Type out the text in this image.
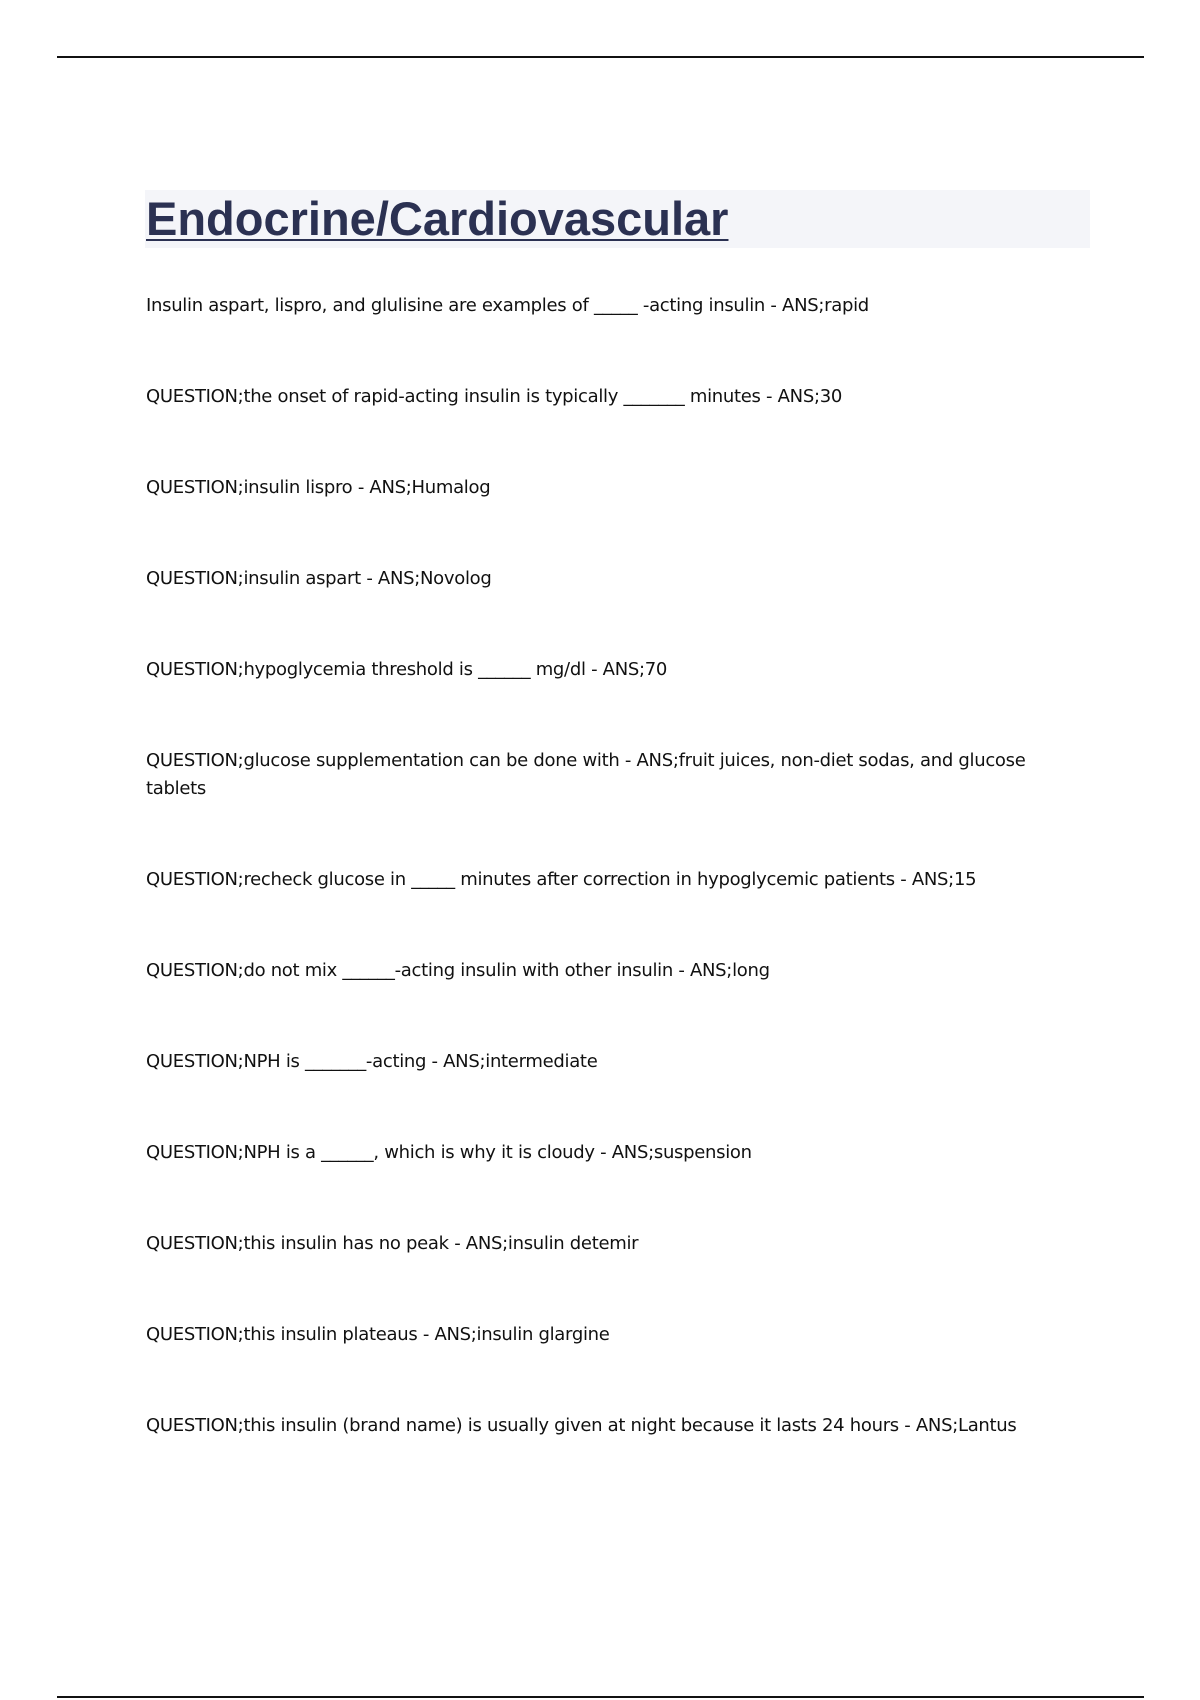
Endocrine/Cardiovascular
Insulin aspart, lispro, and glulisine are examples of _____ -acting insulin - ANS;rapid
QUESTION;the onset of rapid-acting insulin is typically _______ minutes - ANS;30
QUESTION;insulin lispro - ANS;Humalog
QUESTION;insulin aspart - ANS;Novolog
QUESTION;hypoglycemia threshold is ______ mg/dl - ANS;70
QUESTION;glucose supplementation can be done with - ANS;fruit juices, non-diet sodas, and glucose tablets
QUESTION;recheck glucose in _____ minutes after correction in hypoglycemic patients - ANS;15
QUESTION;do not mix ______-acting insulin with other insulin - ANS;long
QUESTION;NPH is _______-acting - ANS;intermediate
QUESTION;NPH is a ______, which is why it is cloudy - ANS;suspension
QUESTION;this insulin has no peak - ANS;insulin detemir
QUESTION;this insulin plateaus - ANS;insulin glargine
QUESTION;this insulin (brand name) is usually given at night because it lasts 24 hours - ANS;Lantus
